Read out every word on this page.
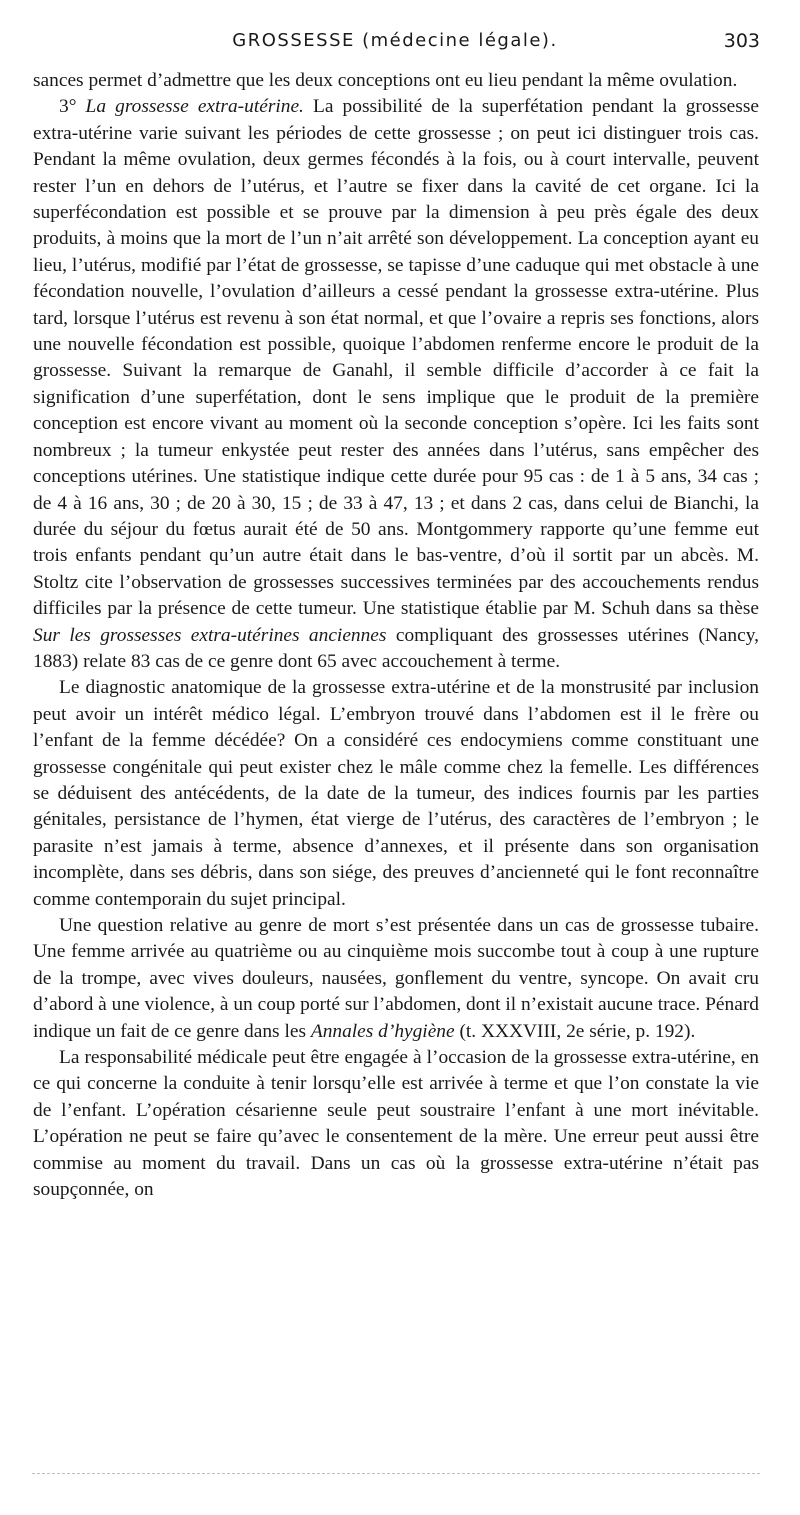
GROSSESSE (médecine légale).	303

sances permet d’admettre que les deux conceptions ont eu lieu pendant la même ovulation.

3° La grossesse extra-utérine. La possibilité de la superfétation pendant la grossesse extra-utérine varie suivant les périodes de cette grossesse ; on peut ici distinguer trois cas. Pendant la même ovulation, deux germes fécondés à la fois, ou à court intervalle, peuvent rester l’un en dehors de l’utérus, et l’autre se fixer dans la cavité de cet organe. Ici la superfécondation est possible et se prouve par la dimension à peu près égale des deux produits, à moins que la mort de l’un n’ait arrêté son développement. La conception ayant eu lieu, l’utérus, modifié par l’état de grossesse, se tapisse d’une caduque qui met obstacle à une fécondation nouvelle, l’ovulation d’ailleurs a cessé pendant la grossesse extra-utérine. Plus tard, lorsque l’utérus est revenu à son état normal, et que l’ovaire a repris ses fonctions, alors une nouvelle fécondation est possible, quoique l’abdomen renferme encore le produit de la grossesse. Suivant la remarque de Ganahl, il semble difficile d’accorder à ce fait la signification d’une superfétation, dont le sens implique que le produit de la première conception est encore vivant au moment où la seconde conception s’opère. Ici les faits sont nombreux ; la tumeur enkystée peut rester des années dans l’utérus, sans empêcher des conceptions utérines. Une statistique indique cette durée pour 95 cas : de 1 à 5 ans, 34 cas ; de 4 à 16 ans, 30 ; de 20 à 30, 15 ; de 33 à 47, 13 ; et dans 2 cas, dans celui de Bianchi, la durée du séjour du fœtus aurait été de 50 ans. Montgommery rapporte qu’une femme eut trois enfants pendant qu’un autre était dans le bas-ventre, d’où il sortit par un abcès. M. Stoltz cite l’observation de grossesses successives terminées par des accouchements rendus difficiles par la présence de cette tumeur. Une statistique établie par M. Schuh dans sa thèse Sur les grossesses extra-utérines anciennes compliquant des grossesses utérines (Nancy, 1883) relate 83 cas de ce genre dont 65 avec accouchement à terme.

Le diagnostic anatomique de la grossesse extra-utérine et de la monstrusité par inclusion peut avoir un intérêt médico légal. L’embryon trouvé dans l’abdomen est il le frère ou l’enfant de la femme décédée? On a considéré ces endocymiens comme constituant une grossesse congénitale qui peut exister chez le mâle comme chez la femelle. Les différences se déduisent des antécédents, de la date de la tumeur, des indices fournis par les parties génitales, persistance de l’hymen, état vierge de l’utérus, des caractères de l’embryon ; le parasite n’est jamais à terme, absence d’annexes, et il présente dans son organisation incomplète, dans ses débris, dans son siége, des preuves d’ancienneté qui le font reconnaître comme contemporain du sujet principal.

Une question relative au genre de mort s’est présentée dans un cas de grossesse tubaire. Une femme arrivée au quatrième ou au cinquième mois succombe tout à coup à une rupture de la trompe, avec vives douleurs, nausées, gonflement du ventre, syncope. On avait cru d’abord à une violence, à un coup porté sur l’abdomen, dont il n’existait aucune trace. Pénard indique un fait de ce genre dans les Annales d’hygiène (t. XXXVIII, 2e série, p. 192).

La responsabilité médicale peut être engagée à l’occasion de la grossesse extra-utérine, en ce qui concerne la conduite à tenir lorsqu’elle est arrivée à terme et que l’on constate la vie de l’enfant. L’opération césarienne seule peut soustraire l’enfant à une mort inévitable. L’opération ne peut se faire qu’avec le consentement de la mère. Une erreur peut aussi être commise au moment du travail. Dans un cas où la grossesse extra-utérine n’était pas soupçonnée, on
